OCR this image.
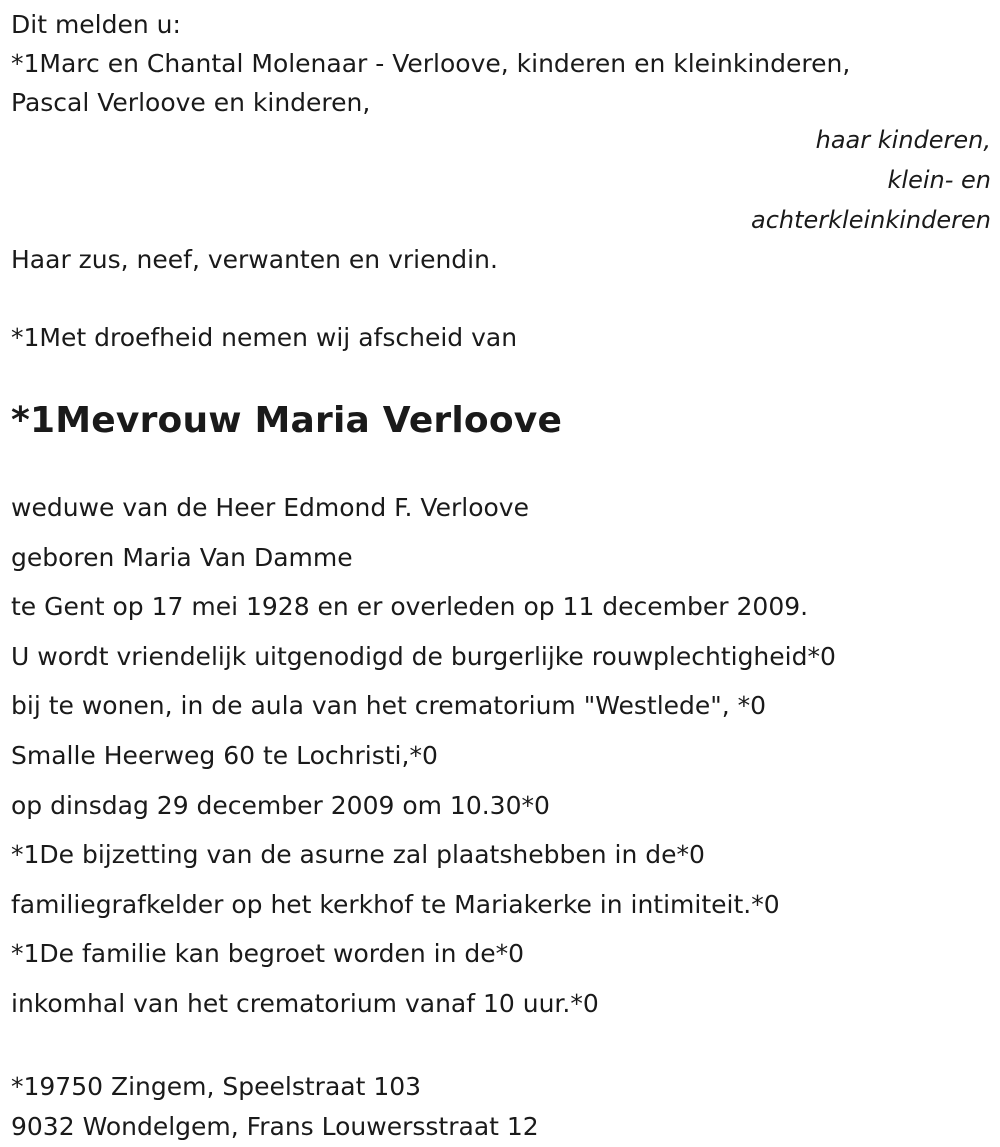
Dit melden u:
*1Marc en Chantal Molenaar - Verloove, kinderen en kleinkinderen,
Pascal Verloove en kinderen,
haar kinderen,
klein- en
achterkleinkinderen
Haar zus, neef, verwanten en vriendin.
*1Met droefheid nemen wij afscheid van
*1Mevrouw Maria Verloove
weduwe van de Heer Edmond F. Verloove
geboren Maria Van Damme
te Gent op 17 mei 1928 en er overleden op 11 december 2009.
U wordt vriendelijk uitgenodigd de burgerlijke rouwplechtigheid*0
bij te wonen, in de aula van het crematorium "Westlede", *0
Smalle Heerweg 60 te Lochristi,*0
op dinsdag 29 december 2009 om 10.30*0
*1De bijzetting van de asurne zal plaatshebben in de*0
familiegrafkelder op het kerkhof te Mariakerke in intimiteit.*0
*1De familie kan begroet worden in de*0
inkomhal van het crematorium vanaf 10 uur.*0
*19750 Zingem, Speelstraat 103
9032 Wondelgem, Frans Louwersstraat 12
